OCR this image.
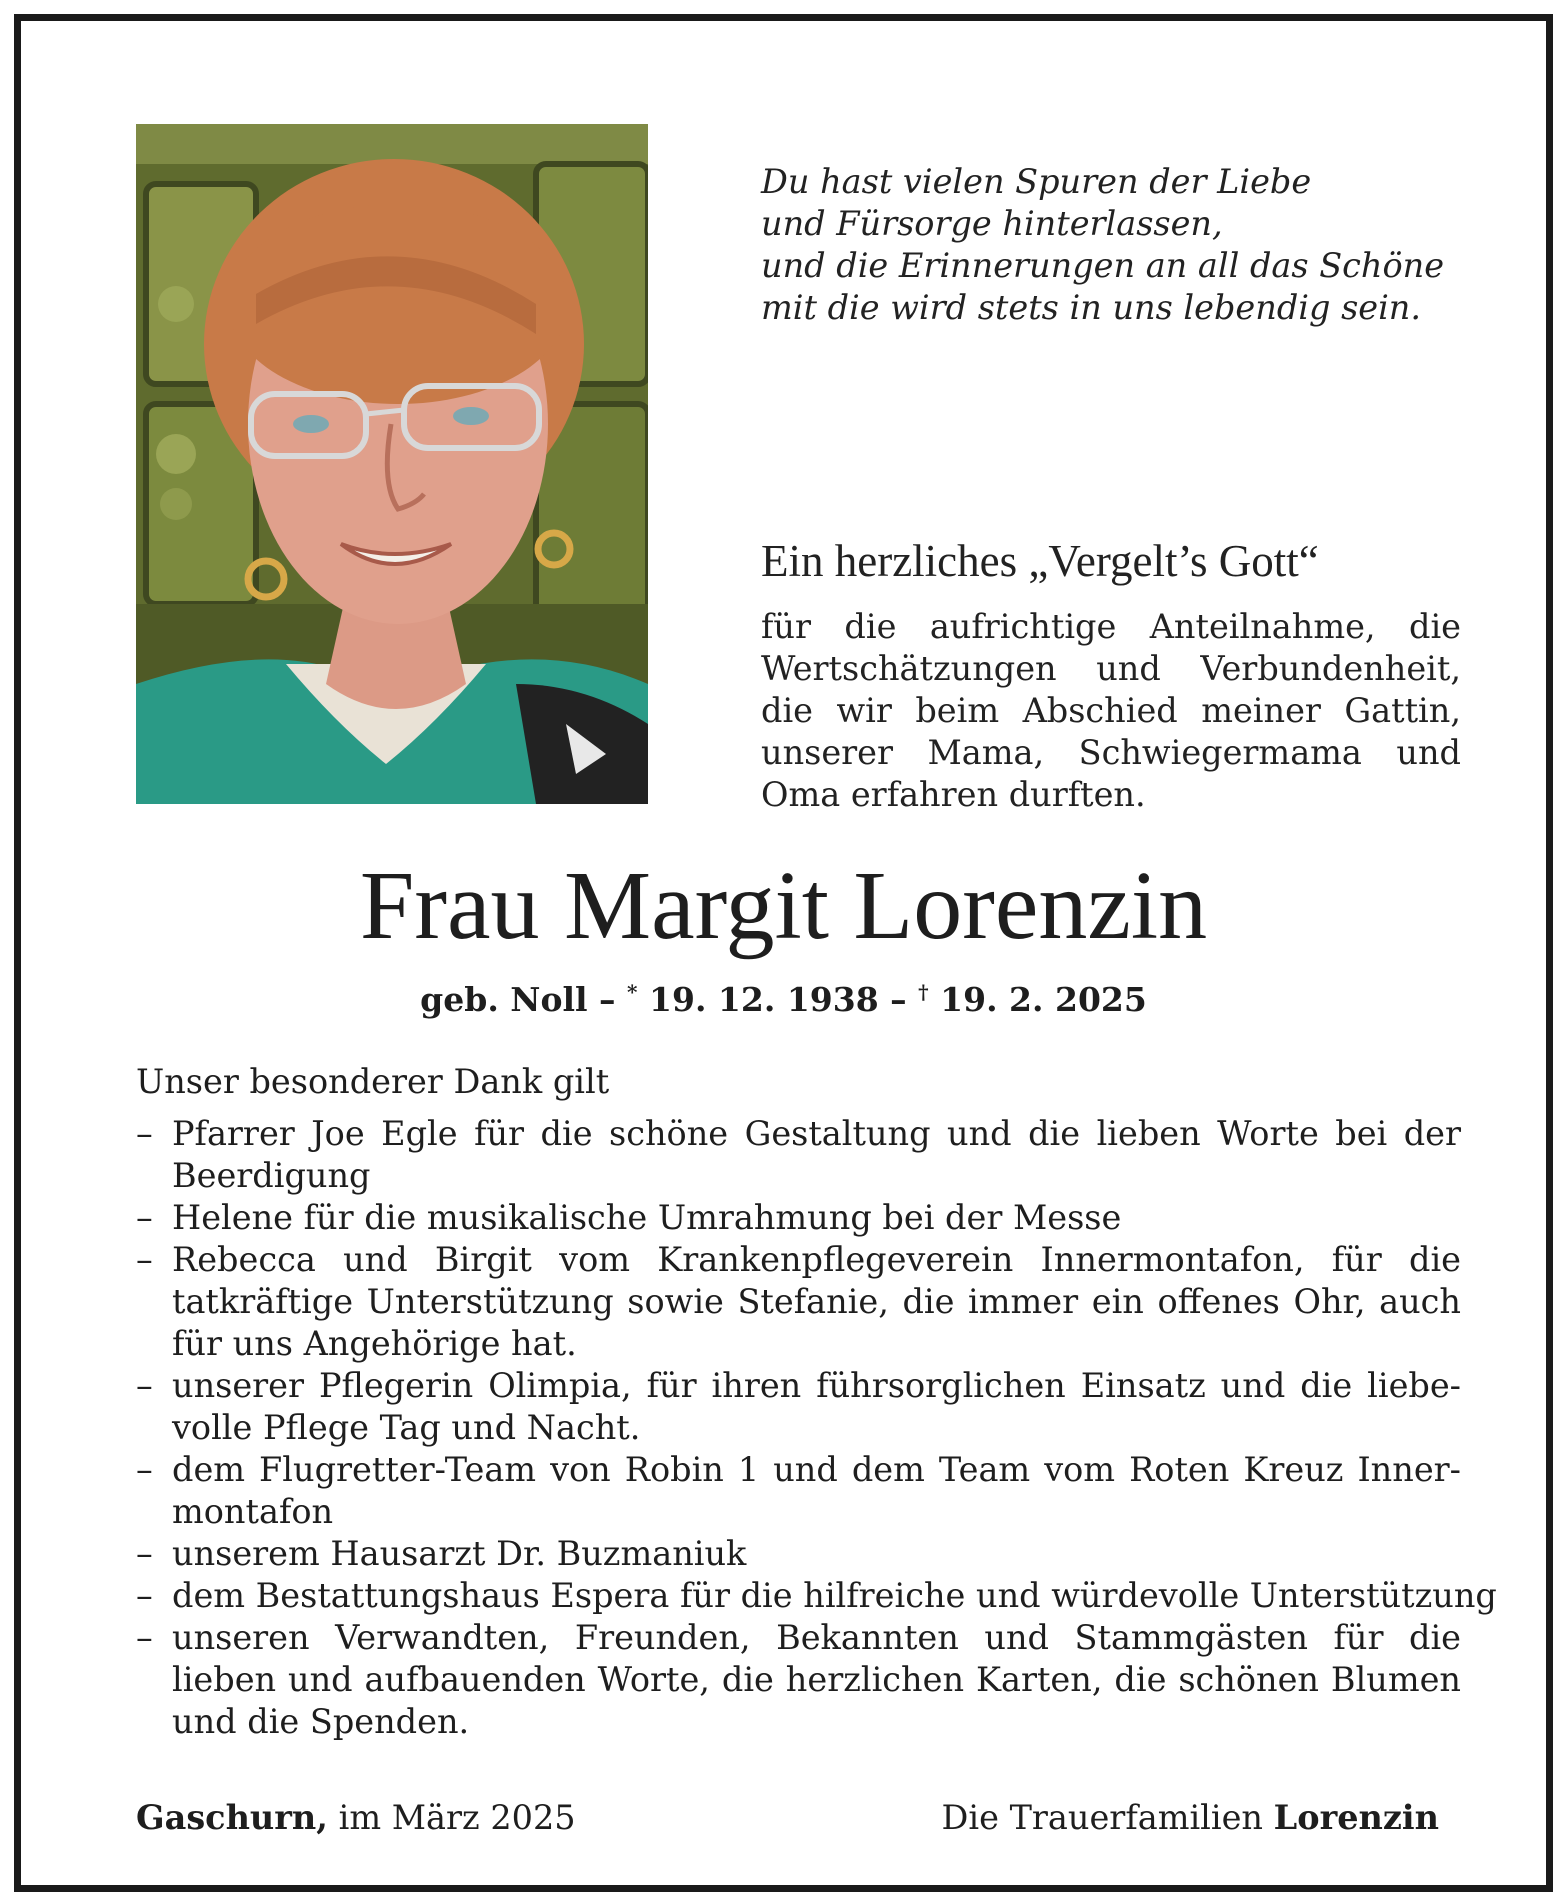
Du hast vielen Spuren der Liebe
und Fürsorge hinterlassen,
und die Erinnerungen an all das Schöne
mit die wird stets in uns lebendig sein.
Ein herzliches „Vergelt’s Gott“
für die aufrichtige Anteilnahme, die
Wertschätzungen und Verbundenheit,
die wir beim Abschied meiner Gattin,
unserer Mama, Schwiegermama und
Oma erfahren durften.
Frau Margit Lorenzin
geb. Noll – * 19. 12. 1938 – † 19. 2. 2025
Unser besonderer Dank gilt
– Pfarrer Joe Egle für die schöne Gestaltung und die lieben Worte bei der
Beerdigung
– Helene für die musikalische Umrahmung bei der Messe
– Rebecca und Birgit vom Krankenpflegeverein Innermontafon, für die
tatkräftige Unterstützung sowie Stefanie, die immer ein offenes Ohr, auch
für uns Angehörige hat.
– unserer Pflegerin Olimpia, für ihren führsorglichen Einsatz und die liebe-
volle Pflege Tag und Nacht.
– dem Flugretter-Team von Robin 1 und dem Team vom Roten Kreuz Inner-
montafon
– unserem Hausarzt Dr. Buzmaniuk
– dem Bestattungshaus Espera für die hilfreiche und würdevolle Unterstützung
– unseren Verwandten, Freunden, Bekannten und Stammgästen für die
lieben und aufbauenden Worte, die herzlichen Karten, die schönen Blumen
und die Spenden.
Gaschurn, im März 2025	Die Trauerfamilien Lorenzin
